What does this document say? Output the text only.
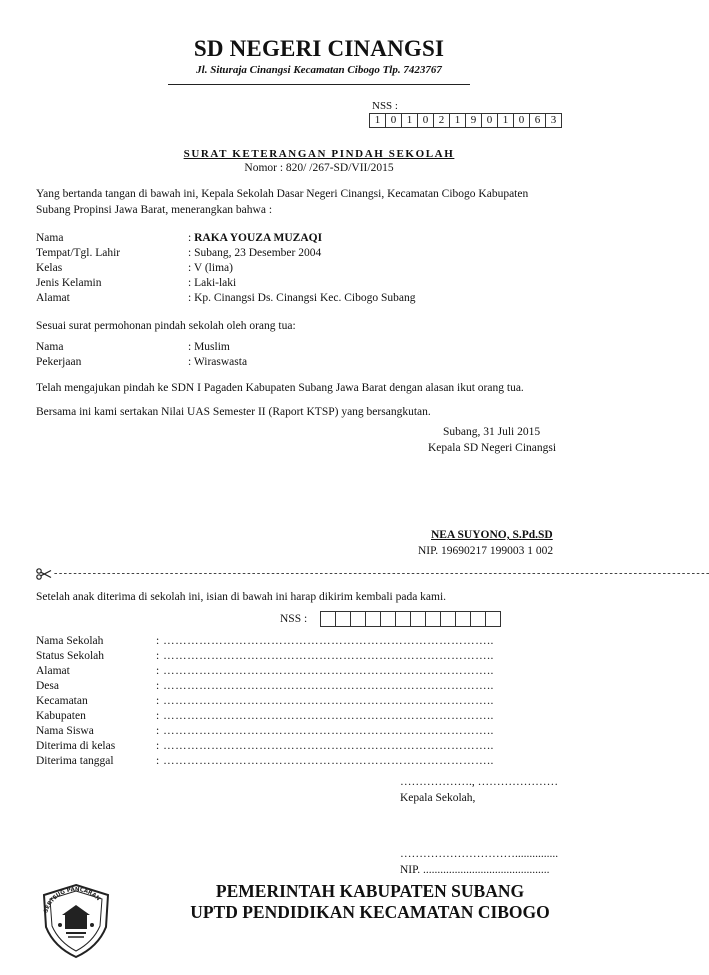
SD NEGERI CINANGSI
Jl. Situraja Cinangsi Kecamatan Cibogo Tlp. 7423767
NSS :
1	0	1	0	2	1	9	0	1	0	6	3
SURAT KETERANGAN PINDAH SEKOLAH
Nomor : 820/ /267-SD/VII/2015
Yang bertanda tangan di bawah ini, Kepala Sekolah Dasar Negeri Cinangsi, Kecamatan Cibogo Kabupaten
Subang Propinsi Jawa Barat, menerangkan bahwa :
Nama	: RAKA YOUZA MUZAQI
Tempat/Tgl. Lahir	: Subang, 23 Desember 2004
Kelas	: V (lima)
Jenis Kelamin	: Laki-laki
Alamat	: Kp. Cinangsi Ds. Cinangsi Kec. Cibogo Subang
Sesuai surat permohonan pindah sekolah oleh orang tua:
Nama	: Muslim
Pekerjaan	: Wiraswasta
Telah mengajukan pindah ke SDN I Pagaden Kabupaten Subang Jawa Barat dengan alasan ikut orang tua.
Bersama ini kami sertakan Nilai UAS Semester II (Raport KTSP) yang bersangkutan.
Subang, 31 Juli 2015
Kepala SD Negeri Cinangsi
NEA SUYONO, S.Pd.SD
NIP. 19690217 199003 1 002
- - - - - - - - - - - - - - - - - - - - - - - - - - - - - - - - - - - - - - - - - - - - - - - - - - - - - - - - - - - - - - - - - - - - - - - - - - - - - - - - - - - - - - - - - - - - - - - - - - - - - - - - - - - - - - - - - - - - - - - - - - - - - - - - - - - - - - - -
Setelah anak diterima di sekolah ini, isian di bawah ini harap dikirim kembali pada kami.
NSS :

Nama Sekolah	: ………………………………………………………………………..
Status Sekolah	: ………………………………………………………………………..
Alamat	: ………………………………………………………………………..
Desa	: ………………………………………………………………………..
Kecamatan	: ………………………………………………………………………..
Kabupaten	: ………………………………………………………………………..
Nama Siswa	: ………………………………………………………………………..
Diterima di kelas	: ………………………………………………………………………..
Diterima tanggal	: ………………………………………………………………………..
………………., …………………
Kepala Sekolah,
…………………………...............
NIP. ............................................
SERTEUG PANCARAN	PEMERINTAH KABUPATEN SUBANG
UPTD PENDIDIKAN KECAMATAN CIBOGO
